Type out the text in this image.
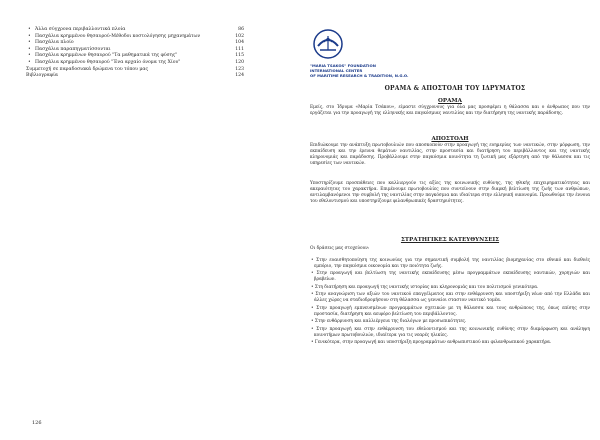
• Άλλα σύγχρονα περιβαλλοντικά πλοία	86
• Πασχάλια κρημμένου θησαυρού-Μέθοδοι κοστολόγησης μηχανημάτων	102
• Πασχάλια πλοίο	104
• Πασχάλια παραπηγματίσσονται	111
• Πασχάλια κρημμένων θησαυρού "Τα μαθηματικά της φύσης"	115
• Πασχάλια κρημμένου θησαυρού "Ένα αρχαίο όνομα της Χίου"	120
Συμμετοχή σε παραδοσιακά δρώμενα του τόπου μας	123
Βιβλιογραφία	124
126
"MARIA TSAKOS" FOUNDATION
INTERNATIONAL CENTER
OF MARITIME RESEARCH & TRADITION, N.G.O.
ΟΡΑΜΑ & ΑΠΟΣΤΟΛΗ ΤΟΥ ΙΔΡΥΜΑΤΟΣ
ΟΡΑΜΑ

Εμείς, στο Ίδρυμα «Μαρία Τσάκου», είμαστε σύγχρονους για όλα μας προσφέρει η θάλασσα και ο άνθρωπος που την εργάζεται για την προαγωγή της ελληνικής και παγκόσμιας ναυτιλίας και την διατήρηση της ναυτικής παράδοσης.

ΑΠΟΣΤΟΛΗ

Επιδιώκουμε την ανάπτυξη πρωτοβουλιών που αποσκοπούν στην προαγωγή της ευημερίας των ναυτικών, στην μόρφωση, την εκπαίδευση και την έρευνα θεμάτων ναυτιλίας, στην προστασία και διατήρηση του περιβάλλοντος και της ναυτικής κληρονομιάς και παράδοσης. Προβάλλουμε στην παγκόσμια κοινότητα τη ζωτική μας εξάρτηση από την θάλασσα και τις υπηρεσίες των ναυτικών.

Υποστηρίζουμε προσπάθειες που καλλιεργούν τις αξίες της κοινωνικής ευθύνης, της ηθικής επιχειρηματικότητας και ακεραιότητας του χαρακτήρα. Επιμένουμε πρωτοβουλίες που συντείνουν στην διαρκή βελτίωση της ζωής των ανθρώπων, αντιλαμβανόμενοι την συμβολή της ναυτιλίας στην παγκόσμια και ιδιαίτερα στην ελληνική οικονομία. Προωθούμε την έννοια του εθελοντισμού και υποστηρίζουμε φιλανθρωπικές δραστηριότητες.

ΣΤΡΑΤΗΓΙΚΕΣ ΚΑΤΕΥΘΥΝΣΕΙΣ

Οι δράσεις μας στοχεύουν:

• Στην ευαισθητοποίηση της κοινωνίας για την σημαντική συμβολή της ναυτιλίας βιομηχανίας στο εθνικό και διεθνές εμπόριο, την παγκόσμια οικονομία και την ποιότητα ζωής.
• Στην προαγωγή και βελτίωση της ναυτικής εκπαίδευσης μέσω προγραμμάτων εκπαίδευσης ναυτικών, χορηγιών και βραβείων.
• Στη διατήρηση και προαγωγή της ναυτικής ιστορίας και κληρονομιάς και του πολιτισμού γενικότερα.
• Στην αναγνώριση των αξιών του ναυτικού επαγγέλματος και στην ενθάρρυνση και υποστήριξη νέων από την Ελλάδα και άλλες χώρες να σταδιοδρομήσουν στη θάλασσα ως γενναίοι σταστον ναυτικό τομέα.
• Στην προαγωγή εμπνευσμένων προγραμμάτων σχετικών με τη θάλασσα και τους ανθρώπους της, όπως επίσης στην προστασία, διατήρηση και αειφόρο βελτίωση του περιβάλλοντος.
• Στην ενθάρρυνση και καλλιέργεια της διαλόγων με προσωπικότητες.
• Στην προαγωγή και στην ενθάρρυνση του εθελοντισμού και της κοινωνικής ευθύνης στην διαμόρφωση και ανάληψη κοινοτήμων πρωτοβουλιών, ιδιαίτερα για τις νεαρές ηλικίες.
• Γενικότερα, στην προαγωγή και υποστήριξη προγραμμάτων ανθρωπιστικού και φιλανθρωπικού χαρακτήρα.
